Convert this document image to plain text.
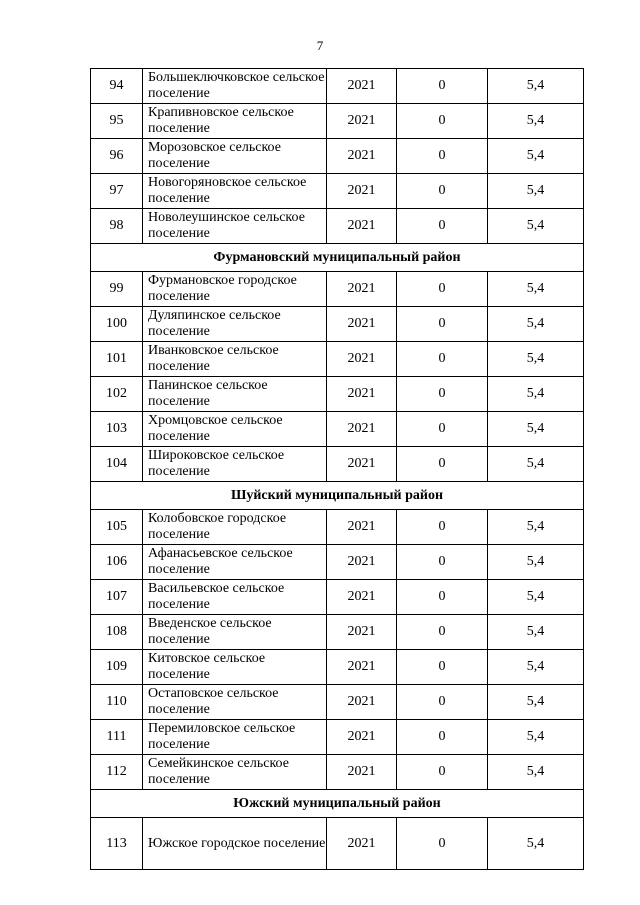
7
94	Большеключковское сельское поселение	2021	0	5,4
95	Крапивновское сельское поселение	2021	0	5,4
96	Морозовское сельское поселение	2021	0	5,4
97	Новогоряновское сельское поселение	2021	0	5,4
98	Новолеушинское сельское поселение	2021	0	5,4
Фурмановский муниципальный район				
99	Фурмановское городское поселение	2021	0	5,4
100	Дуляпинское сельское поселение	2021	0	5,4
101	Иванковское сельское поселение	2021	0	5,4
102	Панинское сельское поселение	2021	0	5,4
103	Хромцовское сельское поселение	2021	0	5,4
104	Широковское сельское поселение	2021	0	5,4
Шуйский муниципальный район				
105	Колобовское городское поселение	2021	0	5,4
106	Афанасьевское сельское поселение	2021	0	5,4
107	Васильевское сельское поселение	2021	0	5,4
108	Введенское сельское поселение	2021	0	5,4
109	Китовское сельское поселение	2021	0	5,4
110	Остаповское сельское поселение	2021	0	5,4
111	Перемиловское сельское поселение	2021	0	5,4
112	Семейкинское сельское поселение	2021	0	5,4
Южский муниципальный район				
113	Южское городское поселение	2021	0	5,4
